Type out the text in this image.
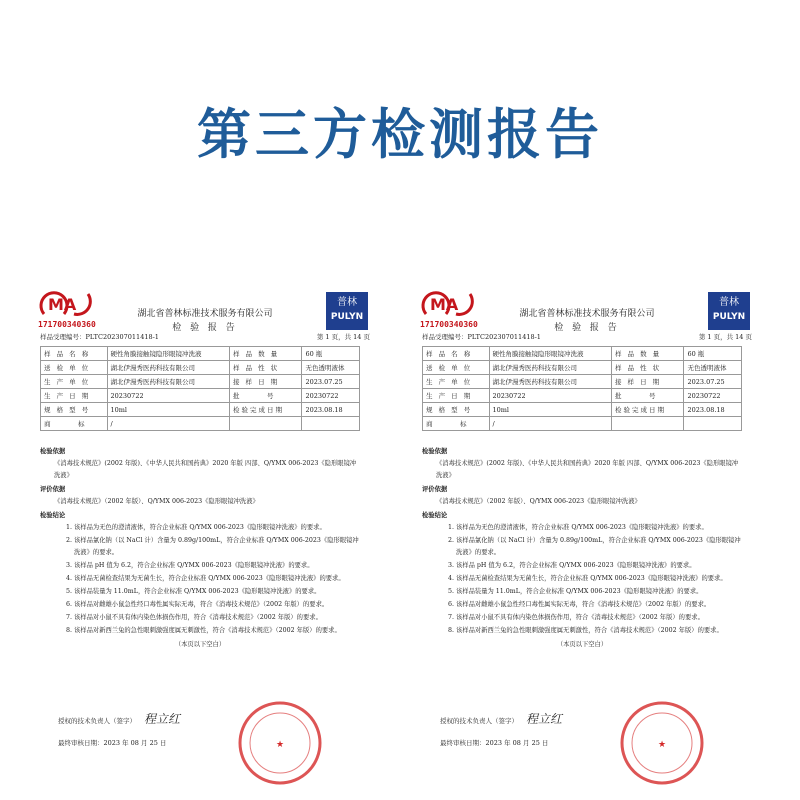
第三方检测报告
MA
171700340360
湖北省普林标准技术服务有限公司
检 验 报 告
普林
PULYN
样品受理编号：PLTC202307011418-1	第 1 页，共 14 页
样 品 名 称	硬性角膜接触镜隐形眼镜冲洗液	样 品 数 量	60 瓶
送 检 单 位	湖北伊漫秀医药科技有限公司	样 品 性 状	无色透明液体
生 产 单 位	湖北伊漫秀医药科技有限公司	接 样 日 期	2023.07.25
生 产 日 期	20230722	批　　　号	20230722
规 格 型 号	10ml	检验完成日期	2023.08.18
商　　　标	/		
检验依据
《消毒技术规范》(2002 年版)、《中华人民共和国药典》2020 年版 四部、Q/YMX 006-2023《隐形眼镜冲洗液》
评价依据
《消毒技术规范》（2002 年版）、Q/YMX 006-2023《隐形眼镜冲洗液》
检验结论
1. 该样品为无色的澄清液体，符合企业标准 Q/YMX 006-2023《隐形眼镜冲洗液》的要求。
2. 该样品氯化钠（以 NaCl 计）含量为 0.89g/100mL，符合企业标准 Q/YMX 006-2023《隐形眼镜冲洗液》的要求。
3. 该样品 pH 值为 6.2，符合企业标准 Q/YMX 006-2023《隐形眼镜冲洗液》的要求。
4. 该样品无菌检查结果为无菌生长，符合企业标准 Q/YMX 006-2023《隐形眼镜冲洗液》的要求。
5. 该样品装量为 11.0mL，符合企业标准 Q/YMX 006-2023《隐形眼镜冲洗液》的要求。
6. 该样品对雌雄小鼠急性经口毒性属实际无毒，符合《消毒技术规范》（2002 年版）的要求。
7. 该样品对小鼠不具有体内染色体损伤作用，符合《消毒技术规范》（2002 年版）的要求。
8. 该样品对新西兰兔的急性眼刺激强度属无刺激性，符合《消毒技术规范》（2002 年版）的要求。
（本页以下空白）
授权的技术负责人（签字） 程立红
最终审核日期：2023 年 08 月 25 日	★
MA
171700340360
湖北省普林标准技术服务有限公司
检 验 报 告
普林
PULYN
样品受理编号：PLTC202307011418-1	第 1 页，共 14 页
样 品 名 称	硬性角膜接触镜隐形眼镜冲洗液	样 品 数 量	60 瓶
送 检 单 位	湖北伊漫秀医药科技有限公司	样 品 性 状	无色透明液体
生 产 单 位	湖北伊漫秀医药科技有限公司	接 样 日 期	2023.07.25
生 产 日 期	20230722	批　　　号	20230722
规 格 型 号	10ml	检验完成日期	2023.08.18
商　　　标	/		
检验依据
《消毒技术规范》(2002 年版)、《中华人民共和国药典》2020 年版 四部、Q/YMX 006-2023《隐形眼镜冲洗液》
评价依据
《消毒技术规范》（2002 年版）、Q/YMX 006-2023《隐形眼镜冲洗液》
检验结论
1. 该样品为无色的澄清液体，符合企业标准 Q/YMX 006-2023《隐形眼镜冲洗液》的要求。
2. 该样品氯化钠（以 NaCl 计）含量为 0.89g/100mL，符合企业标准 Q/YMX 006-2023《隐形眼镜冲洗液》的要求。
3. 该样品 pH 值为 6.2，符合企业标准 Q/YMX 006-2023《隐形眼镜冲洗液》的要求。
4. 该样品无菌检查结果为无菌生长，符合企业标准 Q/YMX 006-2023《隐形眼镜冲洗液》的要求。
5. 该样品装量为 11.0mL，符合企业标准 Q/YMX 006-2023《隐形眼镜冲洗液》的要求。
6. 该样品对雌雄小鼠急性经口毒性属实际无毒，符合《消毒技术规范》（2002 年版）的要求。
7. 该样品对小鼠不具有体内染色体损伤作用，符合《消毒技术规范》（2002 年版）的要求。
8. 该样品对新西兰兔的急性眼刺激强度属无刺激性，符合《消毒技术规范》（2002 年版）的要求。
（本页以下空白）
授权的技术负责人（签字） 程立红
最终审核日期：2023 年 08 月 25 日	★
